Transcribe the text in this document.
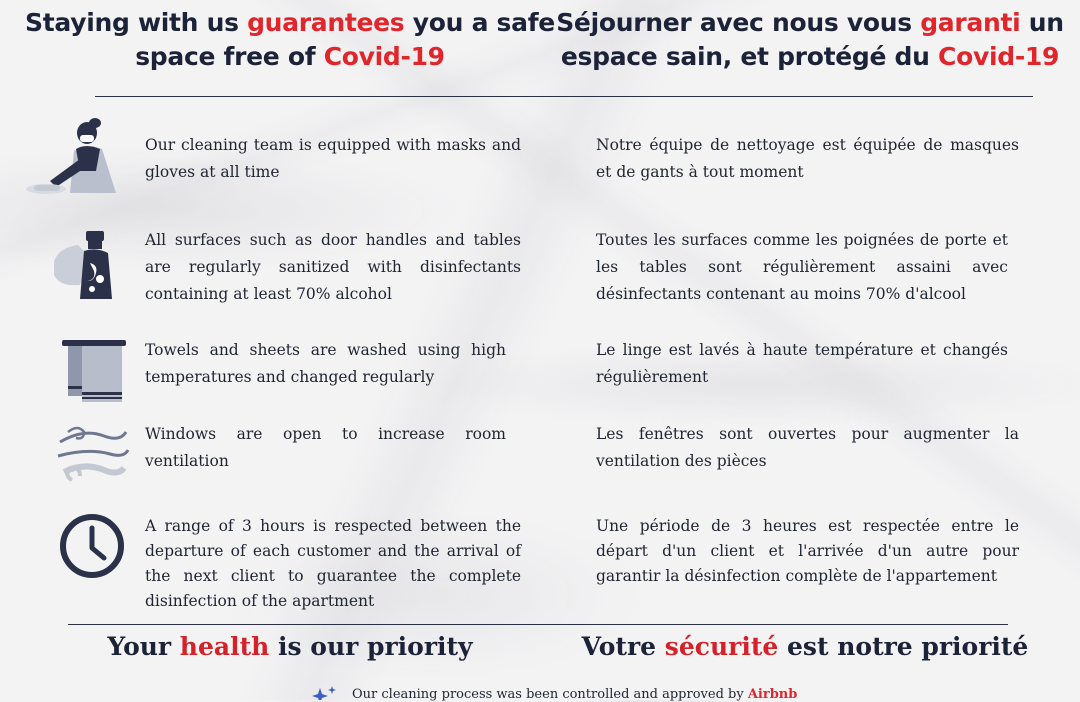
Staying with us guarantees you a safe space free of Covid-19
Séjourner avec nous vous garanti un espace sain, et protégé du Covid-19
Our cleaning team is equipped with masks and gloves at all time
All surfaces such as door handles and tables are regularly sanitized with disinfectants containing at least 70% alcohol
Towels and sheets are washed using high temperatures and changed regularly
Windows are open to increase room ventilation
A range of 3 hours is respected between the departure of each customer and the arrival of the next client to guarantee the complete disinfection of the apartment
Notre équipe de nettoyage est équipée de masques et de gants à tout moment
Toutes les surfaces comme les poignées de porte et les tables sont régulièrement assaini avec désinfectants contenant au moins 70% d'alcool
Le linge est lavés à haute température et changés régulièrement
Les fenêtres sont ouvertes pour augmenter la ventilation des pièces
Une période de 3 heures est respectée entre le départ d'un client et l'arrivée d'un autre pour garantir la désinfection complète de l'appartement
Your health is our priority	Votre sécurité est notre priorité
Our cleaning process was been controlled and approved by Airbnb
